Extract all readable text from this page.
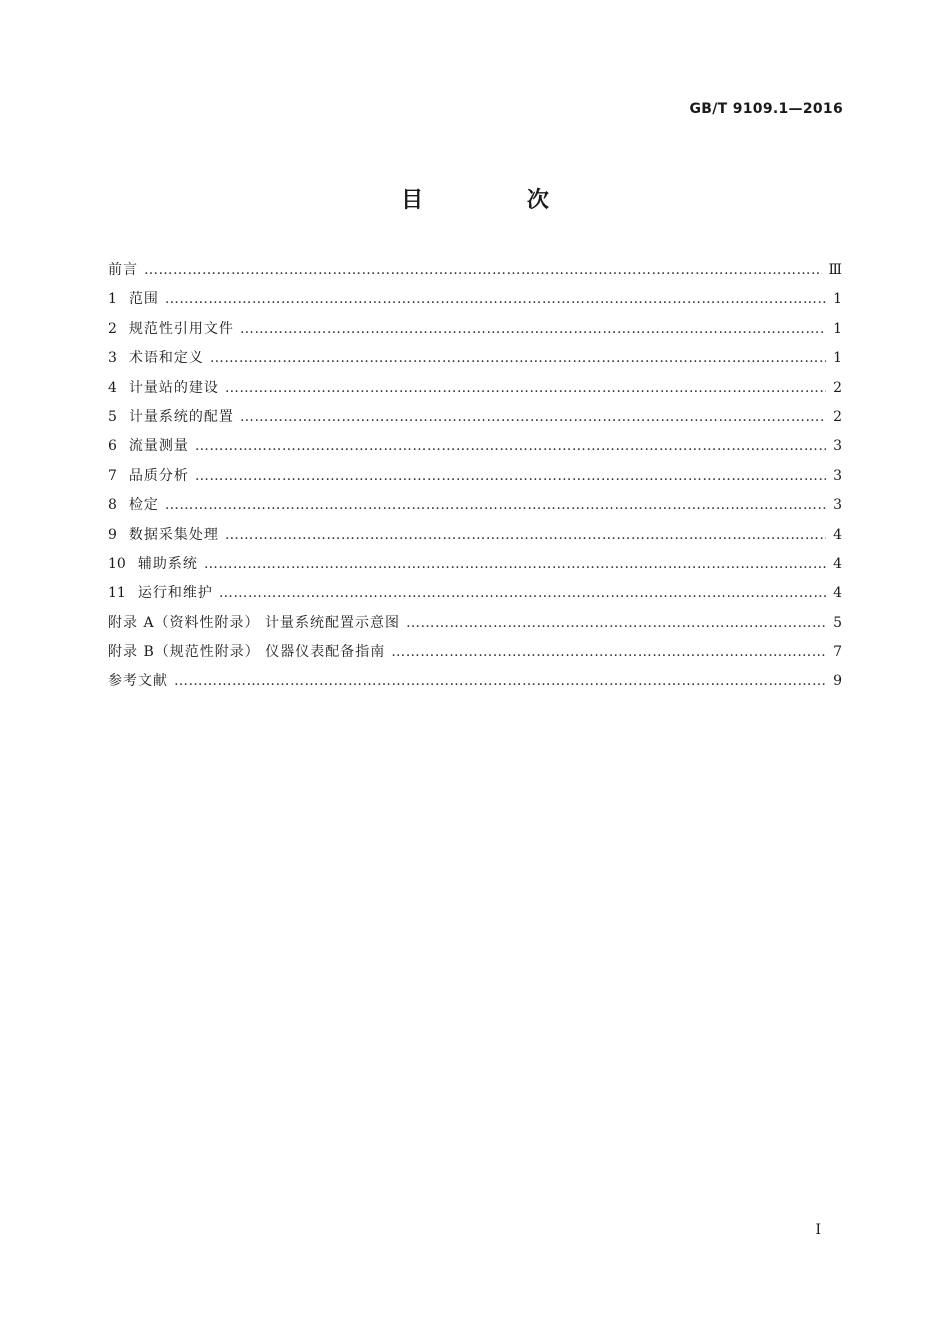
GB/T 9109.1—2016
目 次
前言 ……………………………………………………………………………………………………………………………………………………………………………………………………………………………………	Ⅲ
1 范围 ……………………………………………………………………………………………………………………………………………………………………………………………………………………………………	1
2 规范性引用文件 ……………………………………………………………………………………………………………………………………………………………………………………………………………………………………	1
3 术语和定义 ……………………………………………………………………………………………………………………………………………………………………………………………………………………………………	1
4 计量站的建设 ……………………………………………………………………………………………………………………………………………………………………………………………………………………………………	2
5 计量系统的配置 ……………………………………………………………………………………………………………………………………………………………………………………………………………………………………	2
6 流量测量 ……………………………………………………………………………………………………………………………………………………………………………………………………………………………………	3
7 品质分析 ……………………………………………………………………………………………………………………………………………………………………………………………………………………………………	3
8 检定 ……………………………………………………………………………………………………………………………………………………………………………………………………………………………………	3
9 数据采集处理 ……………………………………………………………………………………………………………………………………………………………………………………………………………………………………	4
10 辅助系统 ……………………………………………………………………………………………………………………………………………………………………………………………………………………………………	4
11 运行和维护 ……………………………………………………………………………………………………………………………………………………………………………………………………………………………………	4
附录 A（资料性附录） 计量系统配置示意图 ……………………………………………………………………………………………………………………………………………………………………………………………………………………………………	5
附录 B（规范性附录） 仪器仪表配备指南 ……………………………………………………………………………………………………………………………………………………………………………………………………………………………………	7
参考文献 ……………………………………………………………………………………………………………………………………………………………………………………………………………………………………	9
I
